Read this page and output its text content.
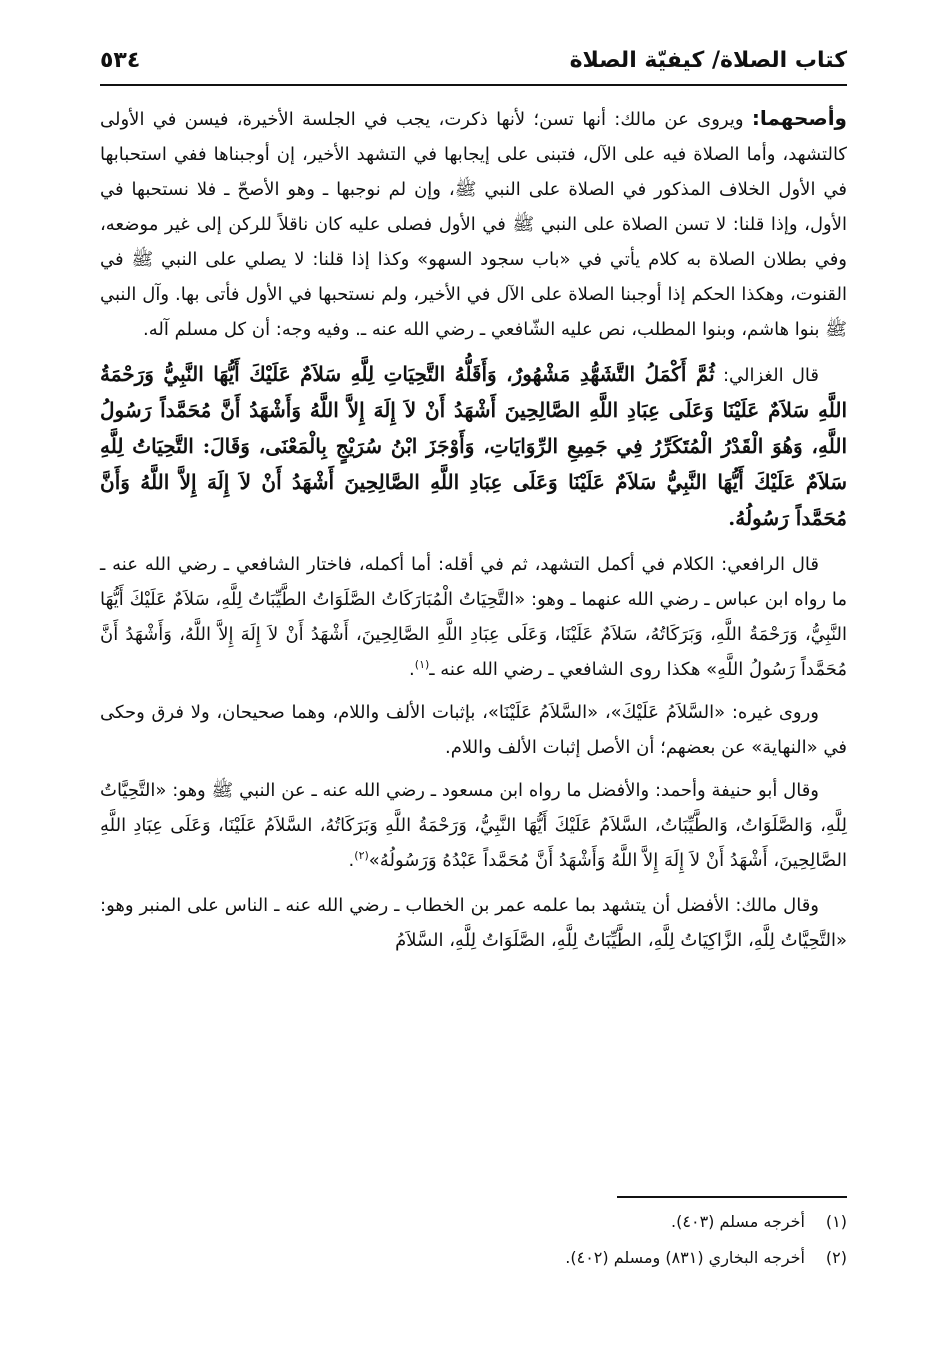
كتاب الصلاة/ كيفيّة الصلاة
٥٣٤

وأصحهما: ويروى عن مالك: أنها تسن؛ لأنها ذكرت، يجب في الجلسة الأخيرة، فيسن في الأولى كالتشهد، وأما الصلاة فيه على الآل، فتبنى على إيجابها في التشهد الأخير، إن أوجبناها ففي استحبابها في الأول الخلاف المذكور في الصلاة على النبي ﷺ، وإن لم نوجبها ـ وهو الأصحّ ـ فلا نستحبها في الأول، وإذا قلنا: لا تسن الصلاة على النبي ﷺ في الأول فصلى عليه كان ناقلاً للركن إلى غير موضعه، وفي بطلان الصلاة به كلام يأتي في «باب سجود السهو» وكذا إذا قلنا: لا يصلي على النبي ﷺ في القنوت، وهكذا الحكم إذا أوجبنا الصلاة على الآل في الأخير، ولم نستحبها في الأول فأتى بها. وآل النبي ﷺ بنوا هاشم، وبنوا المطلب، نص عليه الشّافعي ـ رضي الله عنه ـ. وفيه وجه: أن كل مسلم آله.

قال الغزالي: ثُمَّ أَكْمَلُ التَّشَهُّدِ مَشْهُورٌ، وَأَقَلُّهُ التَّحِيَاتِ لِلَّهِ سَلاَمٌ عَلَيْكَ أَيُّهَا النَّبِيُّ وَرَحْمَةُ اللَّهِ سَلاَمٌ عَلَيْنَا وَعَلَى عِبَادِ اللَّهِ الصَّالِحِينَ أَشْهَدُ أَنْ لاَ إِلَهَ إِلاَّ اللَّهُ وَأَشْهَدُ أَنَّ مُحَمَّداً رَسُولُ اللَّهِ، وَهُوَ الْقَدْرُ الْمُتَكَرِّرُ فِي جَمِيعِ الرِّوَايَاتِ، وَأَوْجَزَ ابْنُ سُرَيْجٍ بِالْمَعْنَى، وَقَالَ: التَّحِيَاتُ لِلَّهِ سَلاَمٌ عَلَيْكَ أَيُّهَا النَّبِيُّ سَلاَمٌ عَلَيْنَا وَعَلَى عِبَادِ اللَّهِ الصَّالِحِينَ أَشْهَدُ أَنْ لاَ إِلَهَ إِلاَّ اللَّهُ وَأَنَّ مُحَمَّداً رَسُولُهُ.

قال الرافعي: الكلام في أكمل التشهد، ثم في أقله: أما أكمله، فاختار الشافعي ـ رضي الله عنه ـ ما رواه ابن عباس ـ رضي الله عنهما ـ وهو: «التَّحِيَاتُ الْمُبَارَكَاتُ الصَّلَوَاتُ الطَّيِّبَاتُ لِلَّهِ، سَلاَمٌ عَلَيْكَ أَيُّهَا النَّبِيُّ، وَرَحْمَةُ اللَّهِ، وَبَرَكَاتُهُ، سَلاَمٌ عَلَيْنَا، وَعَلَى عِبَادِ اللَّهِ الصَّالِحِينَ، أَشْهَدُ أَنْ لاَ إِلَهَ إِلاَّ اللَّهُ، وَأَشْهَدُ أَنَّ مُحَمَّداً رَسُولُ اللَّهِ» هكذا روى الشافعي ـ رضي الله عنه ـ$^{(١)}$.

وروى غيره: «السَّلاَمُ عَلَيْكَ»، «السَّلاَمُ عَلَيْنَا»، بإثبات الألف واللام، وهما صحيحان، ولا فرق وحكى في «النهاية» عن بعضهم؛ أن الأصل إثبات الألف واللام.

وقال أبو حنيفة وأحمد: والأفضل ما رواه ابن مسعود ـ رضي الله عنه ـ عن النبي ﷺ وهو: «التَّحِيَّاتُ لِلَّهِ، وَالصَّلَوَاتُ، وَالطَّيِّبَاتُ، السَّلاَمُ عَلَيْكَ أَيُّهَا النَّبِيُّ، وَرَحْمَةُ اللَّهِ وَبَرَكَاتُهُ، السَّلاَمُ عَلَيْنَا، وَعَلَى عِبَادِ اللَّهِ الصَّالِحِينَ، أَشْهَدُ أَنْ لاَ إِلَهَ إِلاَّ اللَّهُ وَأَشْهَدُ أَنَّ مُحَمَّداً عَبْدُهُ وَرَسُولُهُ»$^{(٢)}$.

وقال مالك: الأفضل أن يتشهد بما علمه عمر بن الخطاب ـ رضي الله عنه ـ الناس على المنبر وهو: «التَّحِيَّاتُ لِلَّهِ، الزَّاكِيَاتُ لِلَّهِ، الطَّيِّبَاتُ لِلَّهِ، الصَّلَوَاتُ لِلَّهِ، السَّلاَمُ

(١)
أخرجه مسلم (٤٠٣).
(٢)
أخرجه البخاري (٨٣١) ومسلم (٤٠٢).
